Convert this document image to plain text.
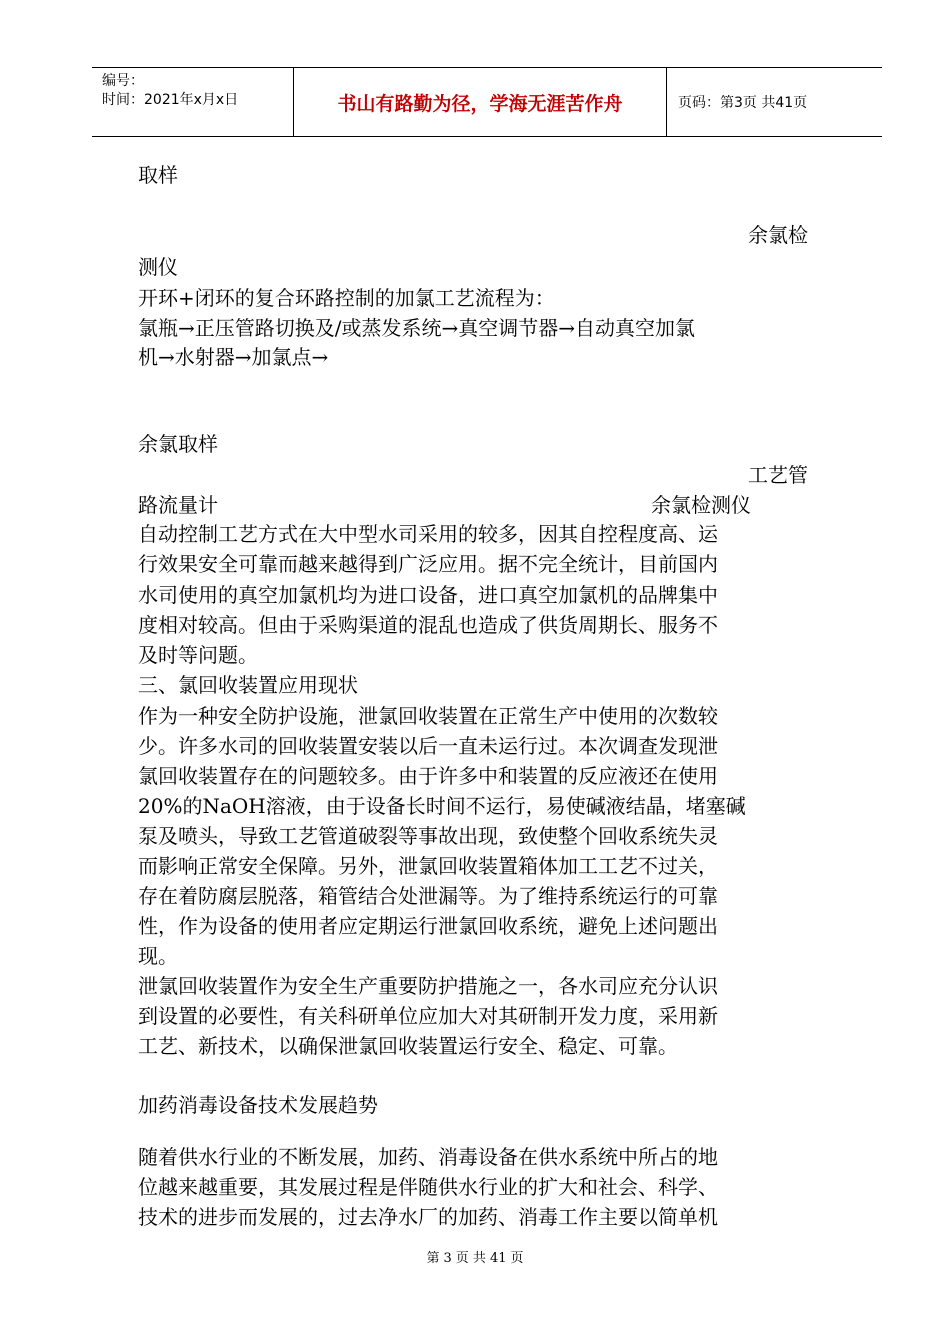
编号：
时间：2021年x月x日	书山有路勤为径，学海无涯苦作舟	页码：第3页 共41页
取样
余氯检
测仪
开环+闭环的复合环路控制的加氯工艺流程为：
氯瓶→正压管路切换及/或蒸发系统→真空调节器→自动真空加氯
机→水射器→加氯点→
余氯取样
工艺管
路流量计	余氯检测仪
自动控制工艺方式在大中型水司采用的较多，因其自控程度高、运
行效果安全可靠而越来越得到广泛应用。据不完全统计，目前国内
水司使用的真空加氯机均为进口设备，进口真空加氯机的品牌集中
度相对较高。但由于采购渠道的混乱也造成了供货周期长、服务不
及时等问题。
三、氯回收装置应用现状
作为一种安全防护设施，泄氯回收装置在正常生产中使用的次数较
少。许多水司的回收装置安装以后一直未运行过。本次调查发现泄
氯回收装置存在的问题较多。由于许多中和装置的反应液还在使用
20%的NaOH溶液，由于设备长时间不运行，易使碱液结晶，堵塞碱
泵及喷头，导致工艺管道破裂等事故出现，致使整个回收系统失灵
而影响正常安全保障。另外，泄氯回收装置箱体加工工艺不过关，
存在着防腐层脱落，箱管结合处泄漏等。为了维持系统运行的可靠
性，作为设备的使用者应定期运行泄氯回收系统，避免上述问题出
现。
泄氯回收装置作为安全生产重要防护措施之一，各水司应充分认识
到设置的必要性，有关科研单位应加大对其研制开发力度，采用新
工艺、新技术，以确保泄氯回收装置运行安全、稳定、可靠。
加药消毒设备技术发展趋势
随着供水行业的不断发展，加药、消毒设备在供水系统中所占的地
位越来越重要，其发展过程是伴随供水行业的扩大和社会、科学、
技术的进步而发展的，过去净水厂的加药、消毒工作主要以简单机
第 3 页 共 41 页
